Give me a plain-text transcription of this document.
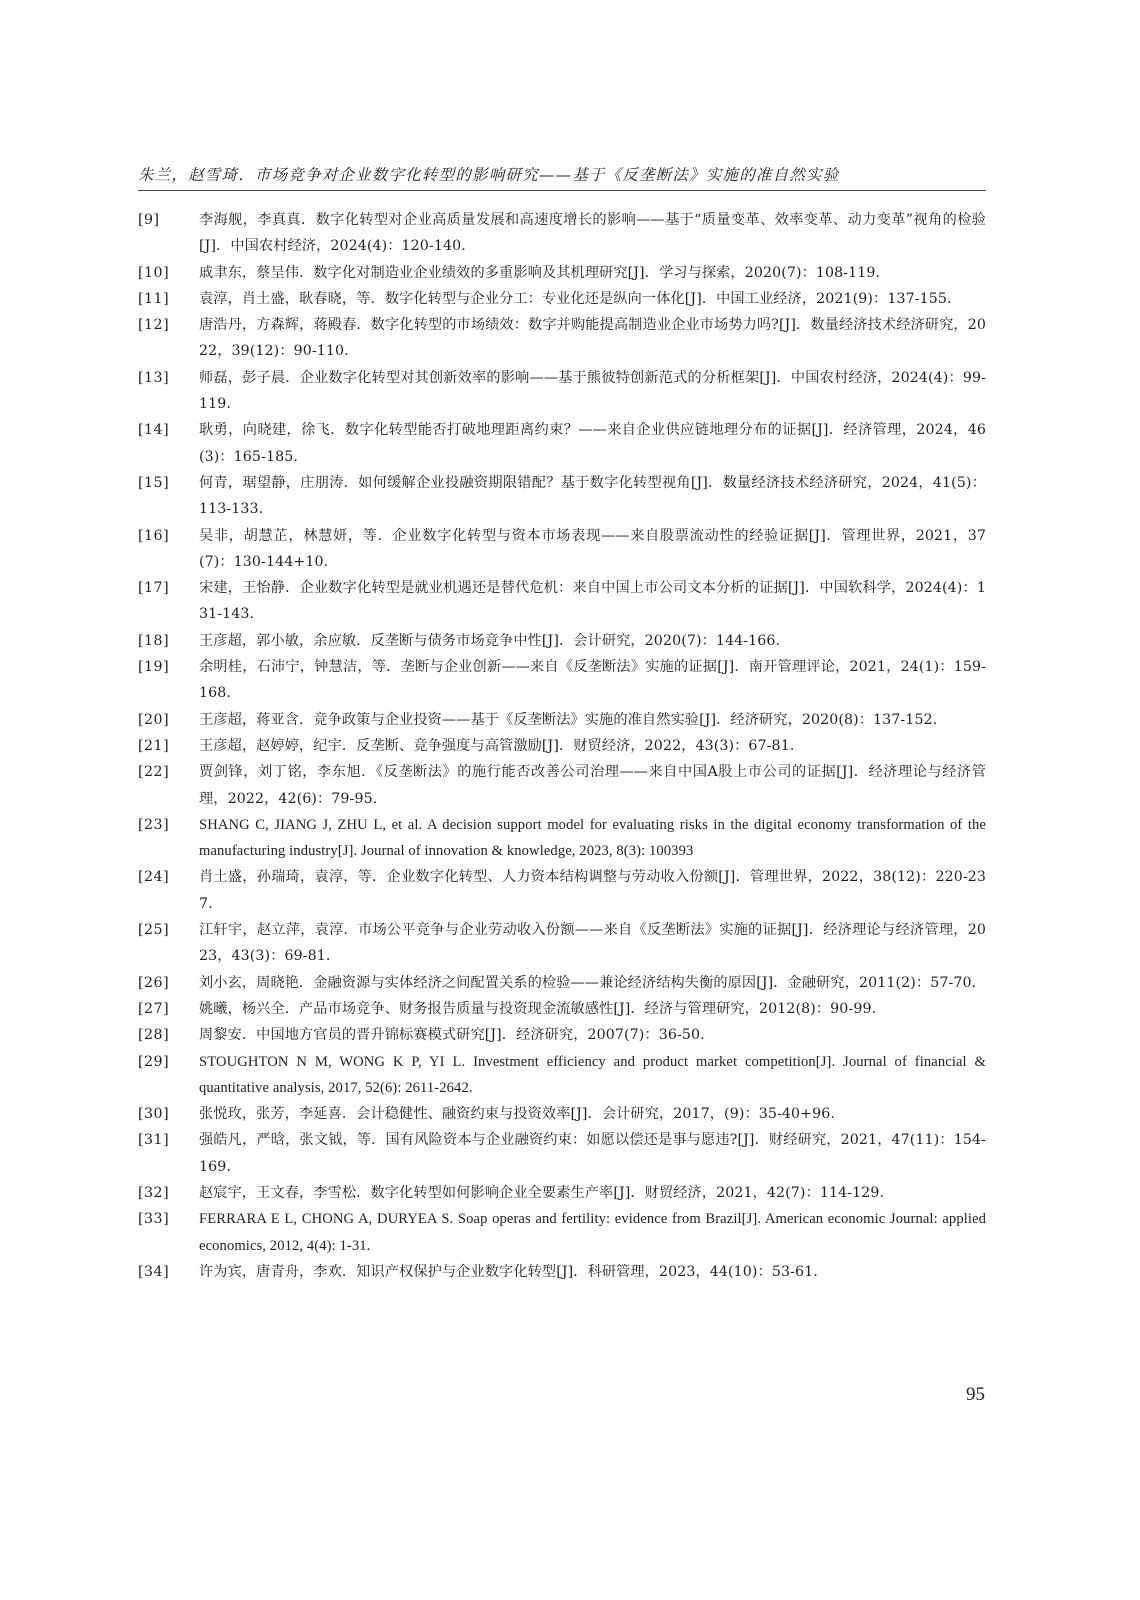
朱兰，赵雪琦．市场竞争对企业数字化转型的影响研究——基于《反垄断法》实施的准自然实验
[9]	李海舰，李真真．数字化转型对企业高质量发展和高速度增长的影响——基于“质量变革、效率变革、动力变革”视角的检验[J]．中国农村经济，2024(4)：120-140.
[10]	戚聿东，蔡呈伟．数字化对制造业企业绩效的多重影响及其机理研究[J]．学习与探索，2020(7)：108-119.
[11]	袁淳，肖土盛，耿春晓，等．数字化转型与企业分工：专业化还是纵向一体化[J]．中国工业经济，2021(9)：137-155.
[12]	唐浩丹，方森辉，蒋殿春．数字化转型的市场绩效：数字并购能提高制造业企业市场势力吗?[J]．数量经济技术经济研究，2022，39(12)：90-110.
[13]	师磊，彭子晨．企业数字化转型对其创新效率的影响——基于熊彼特创新范式的分析框架[J]．中国农村经济，2024(4)：99-119.
[14]	耿勇，向晓建，徐飞．数字化转型能否打破地理距离约束？——来自企业供应链地理分布的证据[J]．经济管理，2024，46(3)：165-185.
[15]	何青，琚望静，庄朋涛．如何缓解企业投融资期限错配？基于数字化转型视角[J]．数量经济技术经济研究，2024，41(5)：113-133.
[16]	吴非，胡慧芷，林慧妍，等．企业数字化转型与资本市场表现——来自股票流动性的经验证据[J]．管理世界，2021，37(7)：130-144+10.
[17]	宋建，王怡静．企业数字化转型是就业机遇还是替代危机：来自中国上市公司文本分析的证据[J]．中国软科学，2024(4)：131-143.
[18]	王彦超，郭小敏，余应敏．反垄断与债务市场竞争中性[J]．会计研究，2020(7)：144-166.
[19]	余明桂，石沛宁，钟慧洁，等．垄断与企业创新——来自《反垄断法》实施的证据[J]．南开管理评论，2021，24(1)：159-168.
[20]	王彦超，蒋亚含．竞争政策与企业投资——基于《反垄断法》实施的准自然实验[J]．经济研究，2020(8)：137-152.
[21]	王彦超，赵婷婷，纪宇．反垄断、竞争强度与高管激励[J]．财贸经济，2022，43(3)：67-81.
[22]	贾剑锋，刘丁铭，李东旭．《反垄断法》的施行能否改善公司治理——来自中国A股上市公司的证据[J]．经济理论与经济管理，2022，42(6)：79-95.
[23]	SHANG C, JIANG J, ZHU L, et al. A decision support model for evaluating risks in the digital economy transformation of the manufacturing industry[J]. Journal of innovation & knowledge, 2023, 8(3): 100393
[24]	肖土盛，孙瑞琦，袁淳，等．企业数字化转型、人力资本结构调整与劳动收入份额[J]．管理世界，2022，38(12)：220-237.
[25]	江轩宇，赵立萍，袁淳．市场公平竞争与企业劳动收入份额——来自《反垄断法》实施的证据[J]．经济理论与经济管理，2023，43(3)：69-81.
[26]	刘小玄，周晓艳．金融资源与实体经济之间配置关系的检验——兼论经济结构失衡的原因[J]．金融研究，2011(2)：57-70.
[27]	姚曦，杨兴全．产品市场竞争、财务报告质量与投资现金流敏感性[J]．经济与管理研究，2012(8)：90-99.
[28]	周黎安．中国地方官员的晋升锦标赛模式研究[J]．经济研究，2007(7)：36-50.
[29]	STOUGHTON N M, WONG K P, YI L. Investment efficiency and product market competition[J]. Journal of financial & quantitative analysis, 2017, 52(6): 2611-2642.
[30]	张悦玫，张芳，李延喜．会计稳健性、融资约束与投资效率[J]．会计研究，2017，(9)：35-40+96.
[31]	强皓凡，严晗，张文钺，等．国有风险资本与企业融资约束：如愿以偿还是事与愿违?[J]．财经研究，2021，47(11)：154-169.
[32]	赵宸宇，王文春，李雪松．数字化转型如何影响企业全要素生产率[J]．财贸经济，2021，42(7)：114-129.
[33]	FERRARA E L, CHONG A, DURYEA S. Soap operas and fertility: evidence from Brazil[J]. American economic Journal: applied economics, 2012, 4(4): 1-31.
[34]	许为宾，唐青舟，李欢．知识产权保护与企业数字化转型[J]．科研管理，2023，44(10)：53-61.
95
